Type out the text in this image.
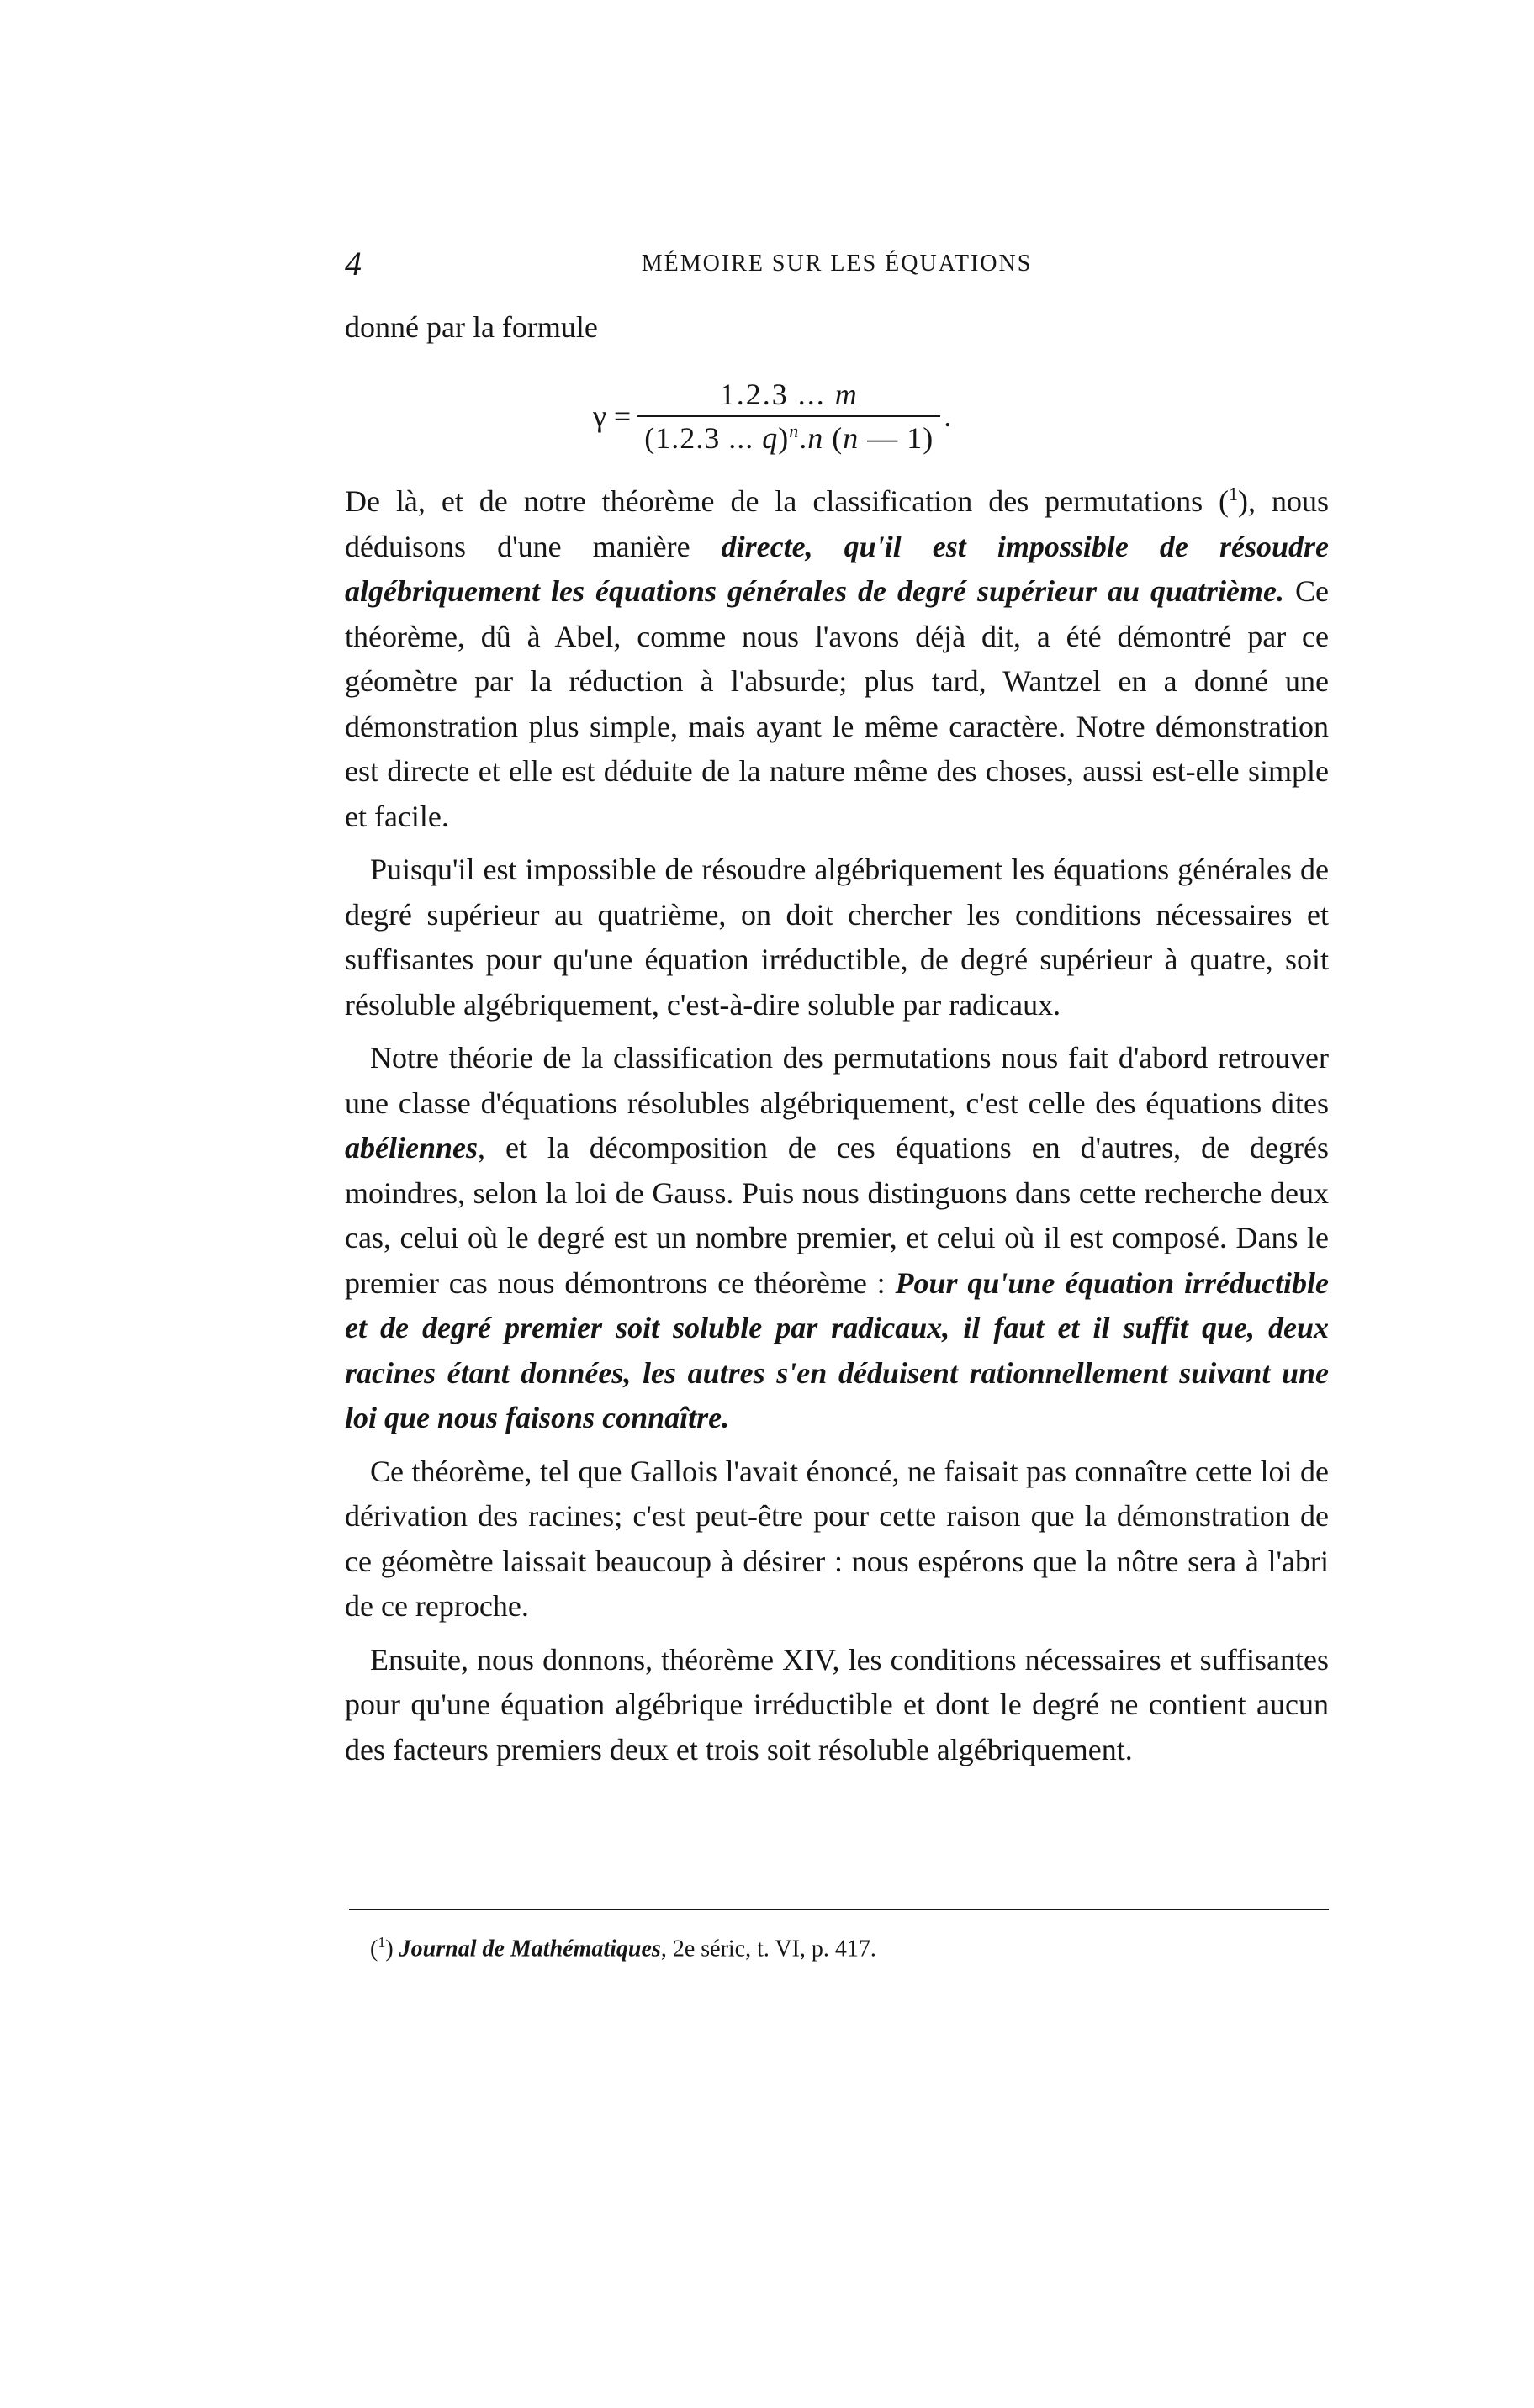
4	MÉMOIRE SUR LES ÉQUATIONS
donné par la formule
$\gamma = \frac{1.2.3 ... m}{(1.2.3 ... q)^n.n (n — 1)}$ .

De là, et de notre théorème de la classification des permutations ($^1$), nous déduisons d'une manière directe, qu'il est impossible de résoudre algébriquement les équations générales de degré supérieur au quatrième. Ce théorème, dû à Abel, comme nous l'avons déjà dit, a été démontré par ce géomètre par la réduction à l'absurde; plus tard, Wantzel en a donné une démonstration plus simple, mais ayant le même caractère. Notre démonstration est directe et elle est déduite de la nature même des choses, aussi est-elle simple et facile.

Puisqu'il est impossible de résoudre algébriquement les équations générales de degré supérieur au quatrième, on doit chercher les conditions nécessaires et suffisantes pour qu'une équation irréductible, de degré supérieur à quatre, soit résoluble algébriquement, c'est-à-dire soluble par radicaux.

Notre théorie de la classification des permutations nous fait d'abord retrouver une classe d'équations résolubles algébriquement, c'est celle des équations dites abéliennes, et la décomposition de ces équations en d'autres, de degrés moindres, selon la loi de Gauss. Puis nous distinguons dans cette recherche deux cas, celui où le degré est un nombre premier, et celui où il est composé. Dans le premier cas nous démontrons ce théorème : Pour qu'une équation irréductible et de degré premier soit soluble par radicaux, il faut et il suffit que, deux racines étant données, les autres s'en déduisent rationnellement suivant une loi que nous faisons connaître.

Ce théorème, tel que Gallois l'avait énoncé, ne faisait pas connaître cette loi de dérivation des racines; c'est peut-être pour cette raison que la démonstration de ce géomètre laissait beaucoup à désirer : nous espérons que la nôtre sera à l'abri de ce reproche.

Ensuite, nous donnons, théorème XIV, les conditions nécessaires et suffisantes pour qu'une équation algébrique irréductible et dont le degré ne contient aucun des facteurs premiers deux et trois soit résoluble algébriquement.

($^1$) Journal de Mathématiques, 2e séric, t. VI, p. 417.
